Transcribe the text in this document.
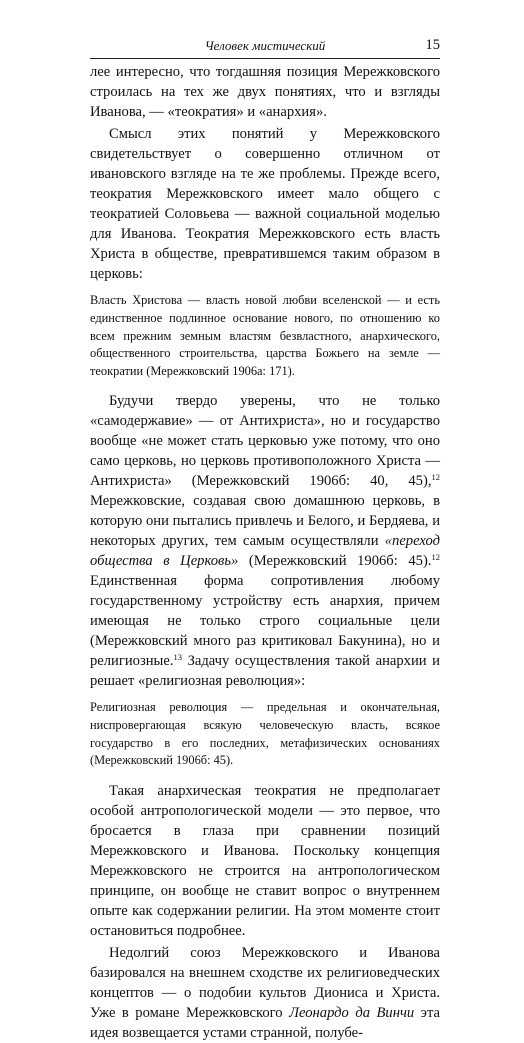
Человек мистический	15

лее интересно, что тогдашняя позиция Мережковского строилась на тех же двух понятиях, что и взгляды Иванова, — «теократия» и «анархия».

Смысл этих понятий у Мережковского свидетельствует о совершенно отличном от ивановского взгляде на те же проблемы. Прежде всего, теократия Мережковского имеет мало общего с теократией Соловьева — важной социальной моделью для Иванова. Теократия Мережковского есть власть Христа в обществе, превратившемся таким образом в церковь:

Власть Христова — власть новой любви вселенской — и есть единственное подлинное основание нового, по отношению ко всем прежним земным властям безвластного, анархического, общественного строительства, царства Божьего на земле — теократии (Мережковский 1906a: 171).

Будучи твердо уверены, что не только «самодержавие» — от Антихриста», но и государство вообще «не может стать церковью уже потому, что оно само церковь, но церковь противоположного Христа — Антихриста» (Мережковский 1906б: 40, 45),$^{12}$ Мережковские, создавая свою домашнюю церковь, в которую они пытались привлечь и Белого, и Бердяева, и некоторых других, тем самым осуществляли «переход общества в Церковь» (Мережковский 1906б: 45).$^{12}$ Единственная форма сопротивления любому государственному устройству есть анархия, причем имеющая не только строго социальные цели (Мережковский много раз критиковал Бакунина), но и религиозные.$^{13}$ Задачу осуществления такой анархии и решает «религиозная революция»:

Религиозная революция — предельная и окончательная, ниспровергающая всякую человеческую власть, всякое государство в его последних, метафизических основаниях (Мережковский 1906б: 45).

Такая анархическая теократия не предполагает особой антропологической модели — это первое, что бросается в глаза при сравнении позиций Мережковского и Иванова. Поскольку концепция Мережковского не строится на антропологическом принципе, он вообще не ставит вопрос о внутреннем опыте как содержании религии. На этом моменте стоит остановиться подробнее.

Недолгий союз Мережковского и Иванова базировался на внешнем сходстве их религиоведческих концептов — о подобии культов Диониса и Христа. Уже в романе Мережковского Леонардо да Винчи эта идея возвещается устами странной, полубе-
